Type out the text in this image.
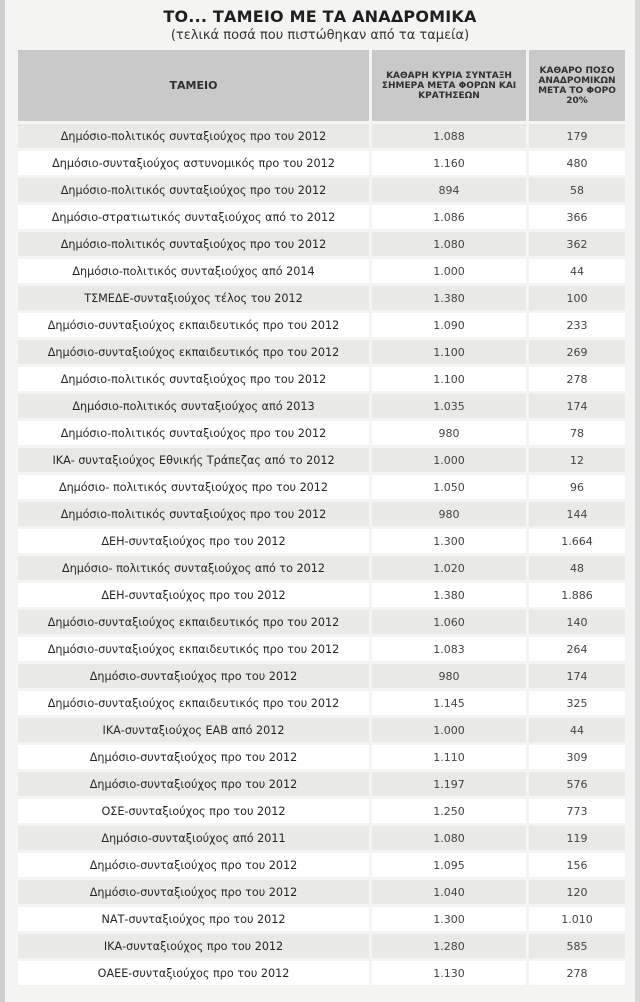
ΤΟ... ΤΑΜΕΙΟ ΜΕ ΤΑ ΑΝΑΔΡΟΜΙΚΑ
(τελικά ποσά που πιστώθηκαν από τα ταμεία)
ΤΑΜΕΙΟ	ΚΑΘΑΡΗ ΚΥΡΙΑ ΣΥΝΤΑΞΗ ΣΗΜΕΡΑ ΜΕΤΑ ΦΟΡΩΝ ΚΑΙ ΚΡΑΤΗΣΕΩΝ	ΚΑΘΑΡΟ ΠΟΣΟ ΑΝΑΔΡΟΜΙΚΩΝ ΜΕΤΑ ΤΟ ΦΟΡΟ 20%
Δημόσιο-πολιτικός συνταξιούχος προ του 2012	1.088	179
Δημόσιο-συνταξιούχος αστυνομικός προ του 2012	1.160	480
Δημόσιο-πολιτικός συνταξιούχος προ του 2012	894	58
Δημόσιο-στρατιωτικός συνταξιούχος από το 2012	1.086	366
Δημόσιο-πολιτικός συνταξιούχος προ του 2012	1.080	362
Δημόσιο-πολιτικός συνταξιούχος από 2014	1.000	44
ΤΣΜΕΔΕ-συνταξιούχος τέλος του 2012	1.380	100
Δημόσιο-συνταξιούχος εκπαιδευτικός προ του 2012	1.090	233
Δημόσιο-συνταξιούχος εκπαιδευτικός προ του 2012	1.100	269
Δημόσιο-πολιτικός συνταξιούχος προ του 2012	1.100	278
Δημόσιο-πολιτικός συνταξιούχος από 2013	1.035	174
Δημόσιο-πολιτικός συνταξιούχος προ του 2012	980	78
ΙΚΑ- συνταξιούχος Εθνικής Τράπεζας από το 2012	1.000	12
Δημόσιο- πολιτικός συνταξιούχος προ του 2012	1.050	96
Δημόσιο-πολιτικός συνταξιούχος προ του 2012	980	144
ΔΕΗ-συνταξιούχος προ του 2012	1.300	1.664
Δημόσιο- πολιτικός συνταξιούχος από το 2012	1.020	48
ΔΕΗ-συνταξιούχος προ του 2012	1.380	1.886
Δημόσιο-συνταξιούχος εκπαιδευτικός προ του 2012	1.060	140
Δημόσιο-συνταξιούχος εκπαιδευτικός προ του 2012	1.083	264
Δημόσιο-συνταξιούχος προ του 2012	980	174
Δημόσιο-συνταξιούχος εκπαιδευτικός προ του 2012	1.145	325
ΙΚΑ-συνταξιούχος ΕΑΒ από 2012	1.000	44
Δημόσιο-συνταξιούχος προ του 2012	1.110	309
Δημόσιο-συνταξιούχος προ του 2012	1.197	576
ΟΣΕ-συνταξιούχος προ του 2012	1.250	773
Δημόσιο-συνταξιούχος από 2011	1.080	119
Δημόσιο-συνταξιούχος προ του 2012	1.095	156
Δημόσιο-συνταξιούχος προ του 2012	1.040	120
ΝΑΤ-συνταξιούχος προ του 2012	1.300	1.010
ΙΚΑ-συνταξιούχος προ του 2012	1.280	585
ΟΑΕΕ-συνταξιούχος προ του 2012	1.130	278
